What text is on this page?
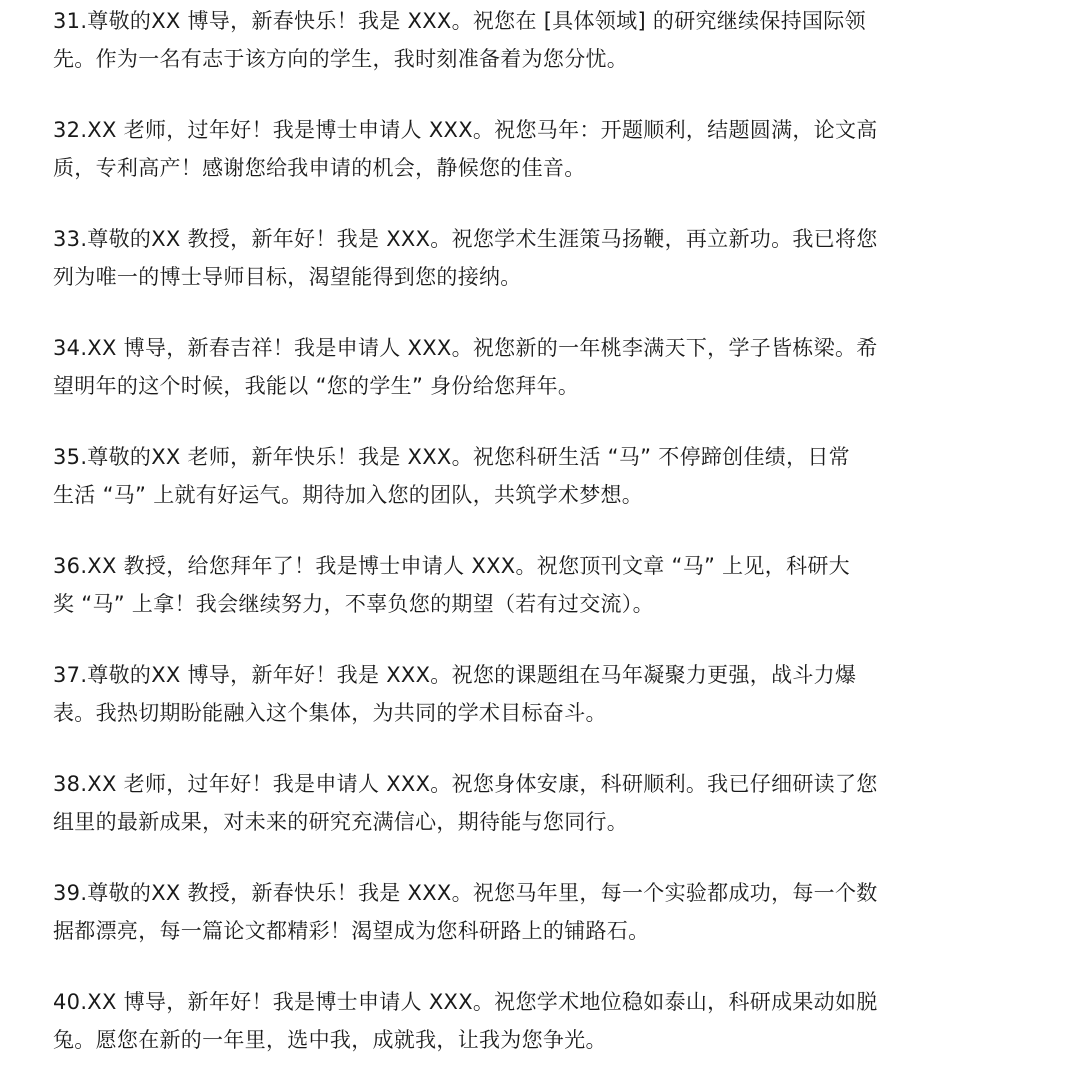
31.尊敬的XX 博导，新春快乐！我是 XXX。祝您在 [具体领域] 的研究继续保持国际领
先。作为一名有志于该方向的学生，我时刻准备着为您分忧。
32.XX 老师，过年好！我是博士申请人 XXX。祝您马年：开题顺利，结题圆满，论文高
质，专利高产！感谢您给我申请的机会，静候您的佳音。
33.尊敬的XX 教授，新年好！我是 XXX。祝您学术生涯策马扬鞭，再立新功。我已将您
列为唯一的博士导师目标，渴望能得到您的接纳。
34.XX 博导，新春吉祥！我是申请人 XXX。祝您新的一年桃李满天下，学子皆栋梁。希
望明年的这个时候，我能以 “您的学生” 身份给您拜年。
35.尊敬的XX 老师，新年快乐！我是 XXX。祝您科研生活 “马” 不停蹄创佳绩，日常
生活 “马” 上就有好运气。期待加入您的团队，共筑学术梦想。
36.XX 教授，给您拜年了！我是博士申请人 XXX。祝您顶刊文章 “马” 上见，科研大
奖 “马” 上拿！我会继续努力，不辜负您的期望（若有过交流）。
37.尊敬的XX 博导，新年好！我是 XXX。祝您的课题组在马年凝聚力更强，战斗力爆
表。我热切期盼能融入这个集体，为共同的学术目标奋斗。
38.XX 老师，过年好！我是申请人 XXX。祝您身体安康，科研顺利。我已仔细研读了您
组里的最新成果，对未来的研究充满信心，期待能与您同行。
39.尊敬的XX 教授，新春快乐！我是 XXX。祝您马年里，每一个实验都成功，每一个数
据都漂亮，每一篇论文都精彩！渴望成为您科研路上的铺路石。
40.XX 博导，新年好！我是博士申请人 XXX。祝您学术地位稳如泰山，科研成果动如脱
兔。愿您在新的一年里，选中我，成就我，让我为您争光。
